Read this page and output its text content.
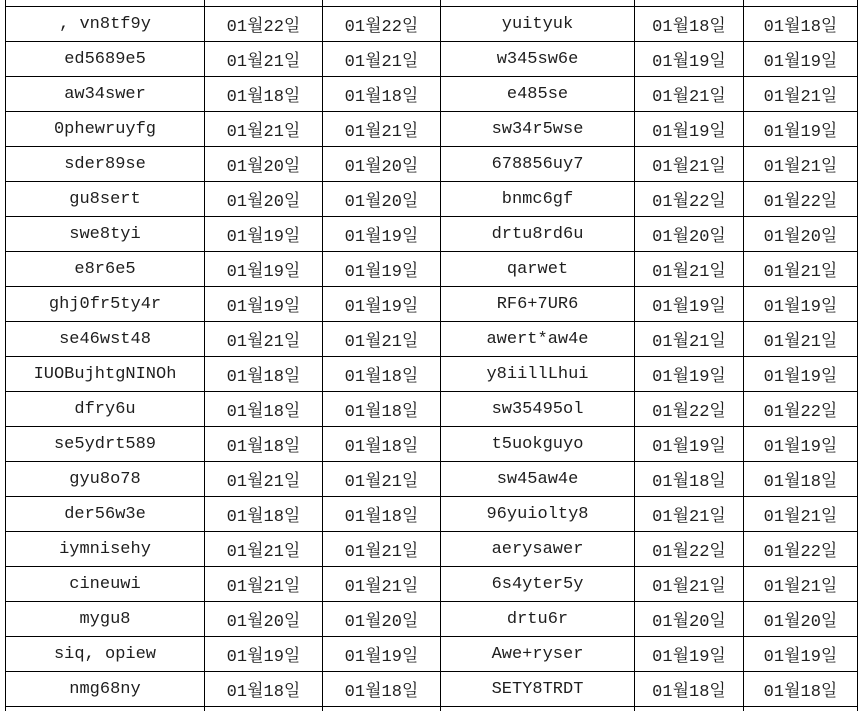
, vn8tf9y	01월22일	01월22일	yuityuk	01월18일	01월18일
ed5689e5	01월21일	01월21일	w345sw6e	01월19일	01월19일
aw34swer	01월18일	01월18일	e485se	01월21일	01월21일
0phewruyfg	01월21일	01월21일	sw34r5wse	01월19일	01월19일
sder89se	01월20일	01월20일	678856uy7	01월21일	01월21일
gu8sert	01월20일	01월20일	bnmc6gf	01월22일	01월22일
swe8tyi	01월19일	01월19일	drtu8rd6u	01월20일	01월20일
e8r6e5	01월19일	01월19일	qarwet	01월21일	01월21일
ghj0fr5ty4r	01월19일	01월19일	RF6+7UR6	01월19일	01월19일
se46wst48	01월21일	01월21일	awert*aw4e	01월21일	01월21일
IUOBujhtgNINOh	01월18일	01월18일	y8iillLhui	01월19일	01월19일
dfry6u	01월18일	01월18일	sw35495ol	01월22일	01월22일
se5ydrt589	01월18일	01월18일	t5uokguyo	01월19일	01월19일
gyu8o78	01월21일	01월21일	sw45aw4e	01월18일	01월18일
der56w3e	01월18일	01월18일	96yuiolty8	01월21일	01월21일
iymnisehy	01월21일	01월21일	aerysawer	01월22일	01월22일
cineuwi	01월21일	01월21일	6s4yter5y	01월21일	01월21일
mygu8	01월20일	01월20일	drtu6r	01월20일	01월20일
siq, opiew	01월19일	01월19일	Awe+ryser	01월19일	01월19일
nmg68ny	01월18일	01월18일	SETY8TRDT	01월18일	01월18일
